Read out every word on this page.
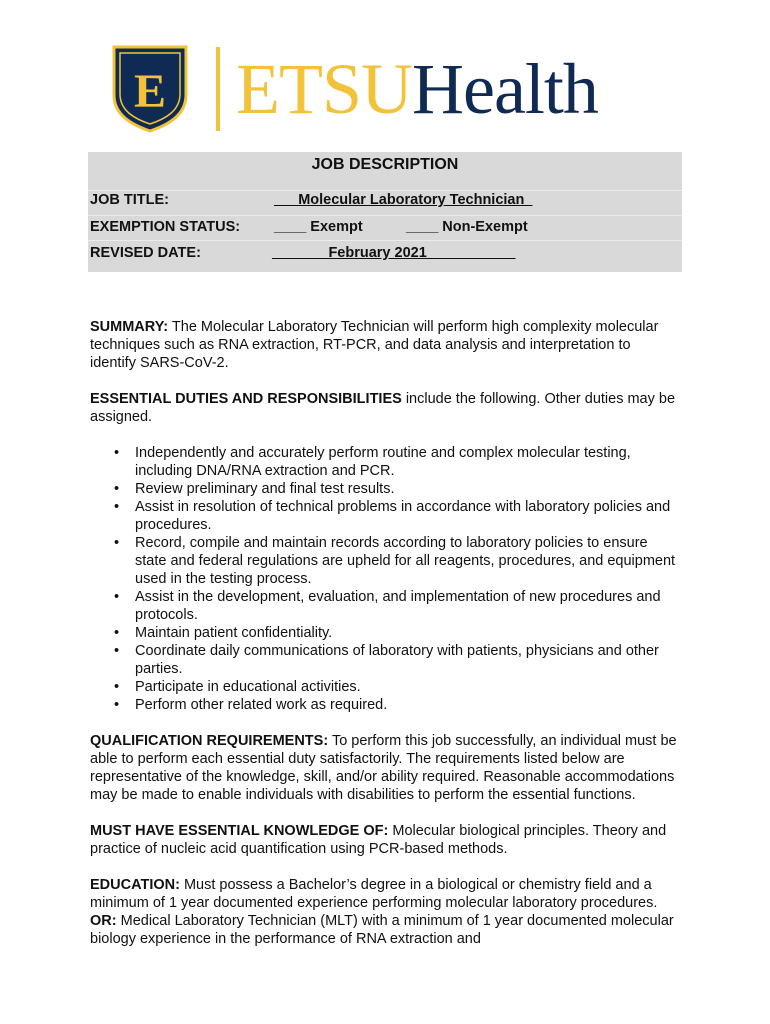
E ETSUHealth
JOB DESCRIPTION
JOB TITLE:	___Molecular Laboratory Technician_
EXEMPTION STATUS: ____ Exempt	____ Non-Exempt
REVISED DATE:	_______February 2021___________

SUMMARY: The Molecular Laboratory Technician will perform high complexity molecular techniques such as RNA extraction, RT-PCR, and data analysis and interpretation to identify SARS-CoV-2.

ESSENTIAL DUTIES AND RESPONSIBILITIES include the following. Other duties may be assigned.

• Independently and accurately perform routine and complex molecular testing, including DNA/RNA extraction and PCR.
• Review preliminary and final test results.
• Assist in resolution of technical problems in accordance with laboratory policies and procedures.
• Record, compile and maintain records according to laboratory policies to ensure state and federal regulations are upheld for all reagents, procedures, and equipment used in the testing process.
• Assist in the development, evaluation, and implementation of new procedures and protocols.
• Maintain patient confidentiality.
• Coordinate daily communications of laboratory with patients, physicians and other parties.
• Participate in educational activities.
• Perform other related work as required.

QUALIFICATION REQUIREMENTS: To perform this job successfully, an individual must be able to perform each essential duty satisfactorily. The requirements listed below are representative of the knowledge, skill, and/or ability required. Reasonable accommodations may be made to enable individuals with disabilities to perform the essential functions.

MUST HAVE ESSENTIAL KNOWLEDGE OF: Molecular biological principles. Theory and practice of nucleic acid quantification using PCR-based methods.

EDUCATION: Must possess a Bachelor’s degree in a biological or chemistry field and a minimum of 1 year documented experience performing molecular laboratory procedures. OR: Medical Laboratory Technician (MLT) with a minimum of 1 year documented molecular biology experience in the performance of RNA extraction and
